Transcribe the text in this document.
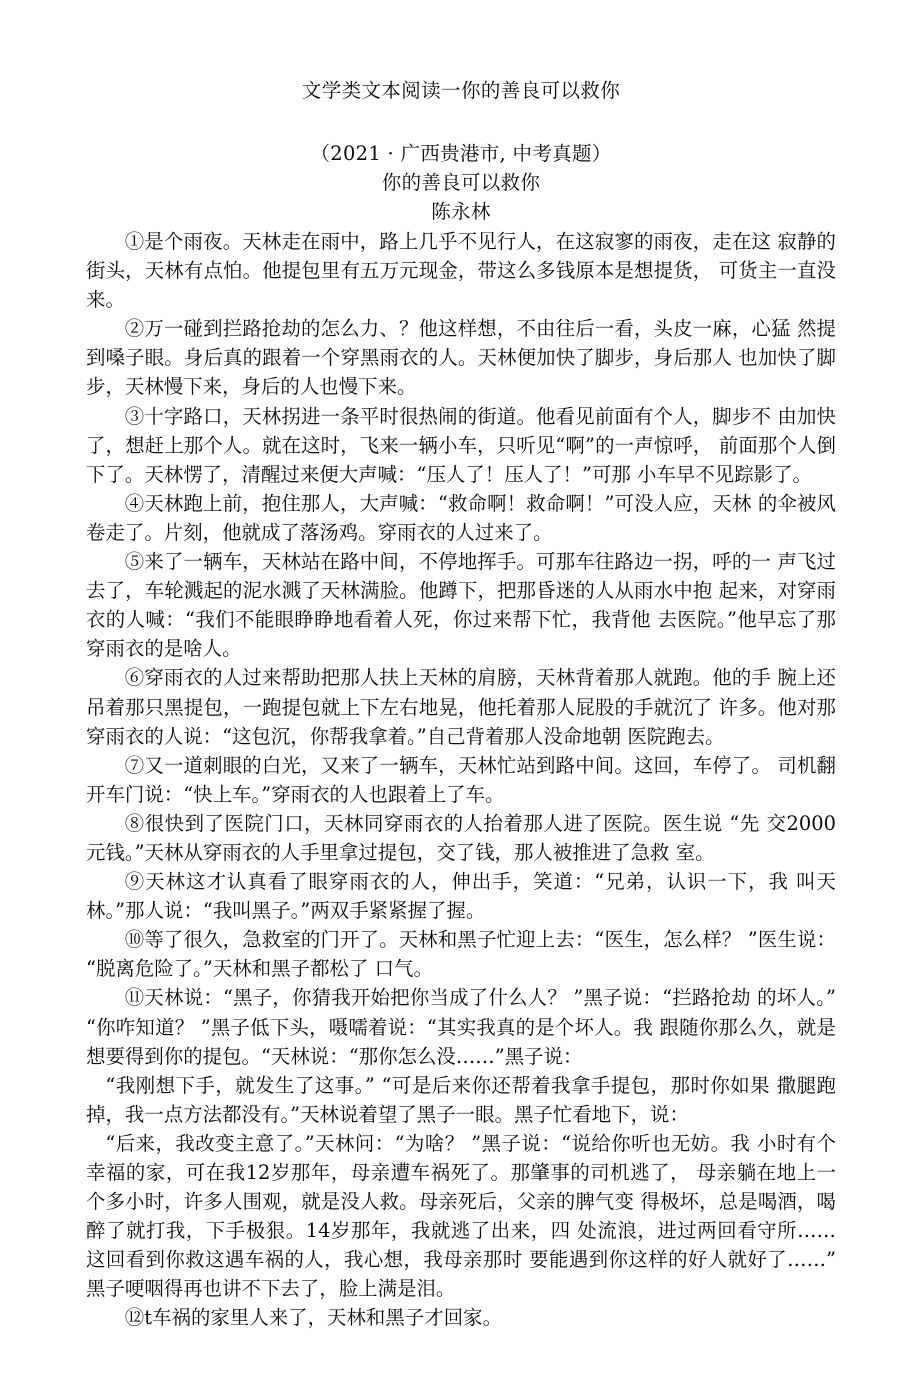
文学类文本阅读一你的善良可以救你
（2021 · 广西贵港市, 中考真题）
你的善良可以救你
陈永林

①是个雨夜。天林走在雨中，路上几乎不见行人，在这寂寥的雨夜，走在这 寂静的街头，天林有点怕。他提包里有五万元现金，带这么多钱原本是想提货， 可货主一直没来。

②万一碰到拦路抢劫的怎么力、？他这样想，不由往后一看，头皮一麻，心猛 然提到嗓子眼。身后真的跟着一个穿黑雨衣的人。天林便加快了脚步，身后那人 也加快了脚步，天林慢下来，身后的人也慢下来。

③十字路口，天林拐进一条平时很热闹的街道。他看见前面有个人，脚步不 由加快了，想赶上那个人。就在这时，飞来一辆小车，只听见“啊”的一声惊呼， 前面那个人倒下了。天林愣了，清醒过来便大声喊：“压人了！压人了！”可那 小车早不见踪影了。

④天林跑上前，抱住那人，大声喊：“救命啊！救命啊！”可没人应，天林 的伞被风卷走了。片刻，他就成了落汤鸡。穿雨衣的人过来了。

⑤来了一辆车，天林站在路中间，不停地挥手。可那车往路边一拐，呼的一 声飞过去了，车轮溅起的泥水溅了天林满脸。他蹲下，把那昏迷的人从雨水中抱 起来，对穿雨衣的人喊：“我们不能眼睁睁地看着人死，你过来帮下忙，我背他 去医院。”他早忘了那穿雨衣的是啥人。

⑥穿雨衣的人过来帮助把那人扶上天林的肩膀，天林背着那人就跑。他的手 腕上还吊着那只黑提包，一跑提包就上下左右地晃，他托着那人屁股的手就沉了 许多。他对那穿雨衣的人说：“这包沉，你帮我拿着。”自己背着那人没命地朝 医院跑去。

⑦又一道刺眼的白光，又来了一辆车，天林忙站到路中间。这回，车停了。 司机翻开车门说：“快上车。”穿雨衣的人也跟着上了车。

⑧很快到了医院门口，天林同穿雨衣的人抬着那人进了医院。医生说 “先 交2000元钱。”天林从穿雨衣的人手里拿过提包，交了钱，那人被推进了急救 室。

⑨天林这才认真看了眼穿雨衣的人，伸出手，笑道：“兄弟，认识一下，我 叫天林。”那人说：“我叫黑子。”两双手紧紧握了握。

⑩等了很久，急救室的门开了。天林和黑子忙迎上去：“医生，怎么样？ ”医生说：“脱离危险了。”天林和黑子都松了 口气。

⑪天林说：“黑子，你猜我开始把你当成了什么人？ ”黑子说：“拦路抢劫 的坏人。”“你咋知道？ ”黑子低下头，嗫嚅着说：“其实我真的是个坏人。我 跟随你那么久，就是想要得到你的提包。“天林说：“那你怎么没……”黑子说：

“我刚想下手，就发生了这事。” “可是后来你还帮着我拿手提包，那时你如果 撒腿跑掉，我一点方法都没有。”天林说着望了黑子一眼。黑子忙看地下，说：

“后来，我改变主意了。”天林问：“为啥？ ”黑子说：“说给你听也无妨。我 小时有个幸福的家，可在我12岁那年，母亲遭车祸死了。那肇事的司机逃了， 母亲躺在地上一个多小时，许多人围观，就是没人救。母亲死后，父亲的脾气变 得极坏，总是喝酒，喝醉了就打我，下手极狠。14岁那年，我就逃了出来，四 处流浪，进过两回看守所……这回看到你救这遇车祸的人，我心想，我母亲那时 要能遇到你这样的好人就好了……”黑子哽咽得再也讲不下去了，脸上满是泪。

⑫t车祸的家里人来了，天林和黑子才回家。
